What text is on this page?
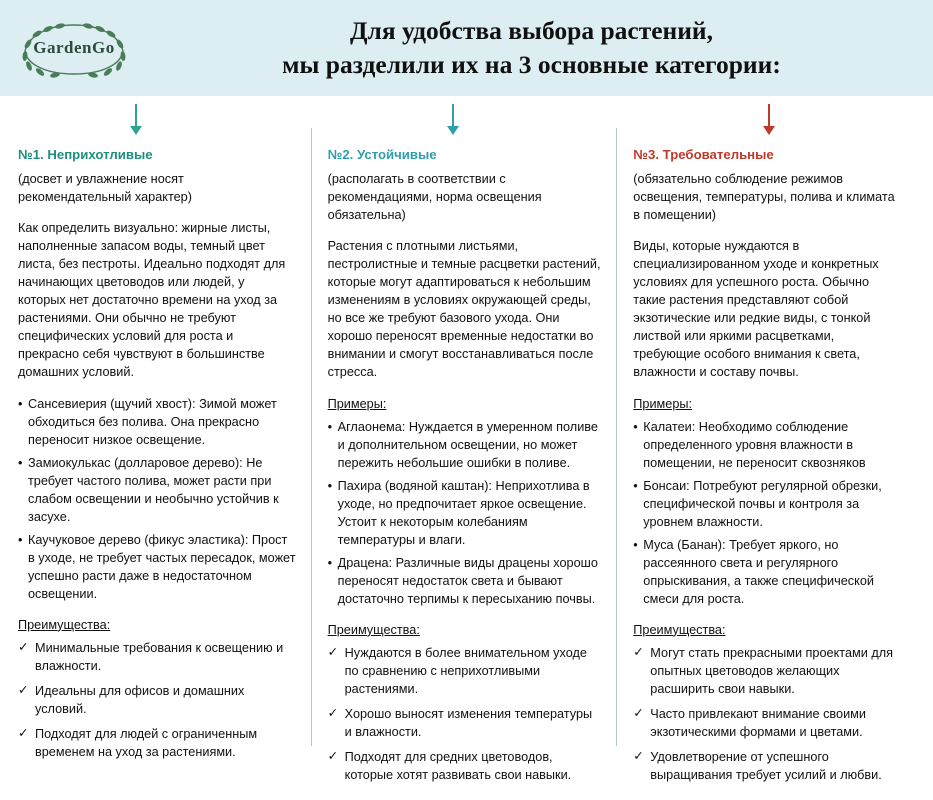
GardenGo
Для удобства выбора растений,
мы разделили их на 3 основные категории:
№1. Неприхотливые

(досвет и увлажнение носят рекомендательный характер)

Как определить визуально: жирные листы, наполненные запасом воды, темный цвет листа, без пестроты. Идеально подходят для начинающих цветоводов или людей, у которых нет достаточно времени на уход за растениями. Они обычно не требуют специфических условий для роста и прекрасно себя чувствуют в большинстве домашних условий.

• Сансевиерия (щучий хвост): Зимой может обходиться без полива. Она прекрасно переносит низкое освещение.
• Замиокулькас (долларовое дерево): Не требует частого полива, может расти при слабом освещении и необычно устойчив к засухе.
• Каучуковое дерево (фикус эластика): Прост в уходе, не требует частых пересадок, может успешно расти даже в недостаточном освещении.
Преимущества:
✓ Минимальные требования к освещению и влажности.
✓ Идеальны для офисов и домашних условий.
✓ Подходят для людей с ограниченным временем на уход за растениями.
№2. Устойчивые

(располагать в соответствии с рекомендациями, норма освещения обязательна)

Растения с плотными листьями, пестролистные и темные расцветки растений, которые могут адаптироваться к небольшим изменениям в условиях окружающей среды, но все же требуют базового ухода. Они хорошо переносят временные недостатки во внимании и смогут восстанавливаться после стресса.

Примеры:
• Аглаонема: Нуждается в умеренном поливе и дополнительном освещении, но может пережить небольшие ошибки в поливе.
• Пахира (водяной каштан): Неприхотлива в уходе, но предпочитает яркое освещение. Устоит к некоторым колебаниям температуры и влаги.
• Драцена: Различные виды драцены хорошо переносят недостаток света и бывают достаточно терпимы к пересыханию почвы.
Преимущества:
✓ Нуждаются в более внимательном уходе по сравнению с неприхотливыми растениями.
✓ Хорошо выносят изменения температуры и влажности.
✓ Подходят для средних цветоводов, которые хотят развивать свои навыки.
№3. Требовательные

(обязательно соблюдение режимов освещения, температуры, полива и климата в помещении)

Виды, которые нуждаются в специализированном уходе и конкретных условиях для успешного роста. Обычно такие растения представляют собой экзотические или редкие виды, с тонкой листвой или яркими расцветками, требующие особого внимания к света, влажности и составу почвы.

Примеры:
• Калатеи: Необходимо соблюдение определенного уровня влажности в помещении, не переносит сквозняков
• Бонсаи: Потребуют регулярной обрезки, специфической почвы и контроля за уровнем влажности.
• Муса (Банан): Требует яркого, но рассеянного света и регулярного опрыскивания, а также специфической смеси для роста.
Преимущества:
✓ Могут стать прекрасными проектами для опытных цветоводов желающих расширить свои навыки.
✓ Часто привлекают внимание своими экзотическими формами и цветами.
✓ Удовлетворение от успешного выращивания требует усилий и любви.
